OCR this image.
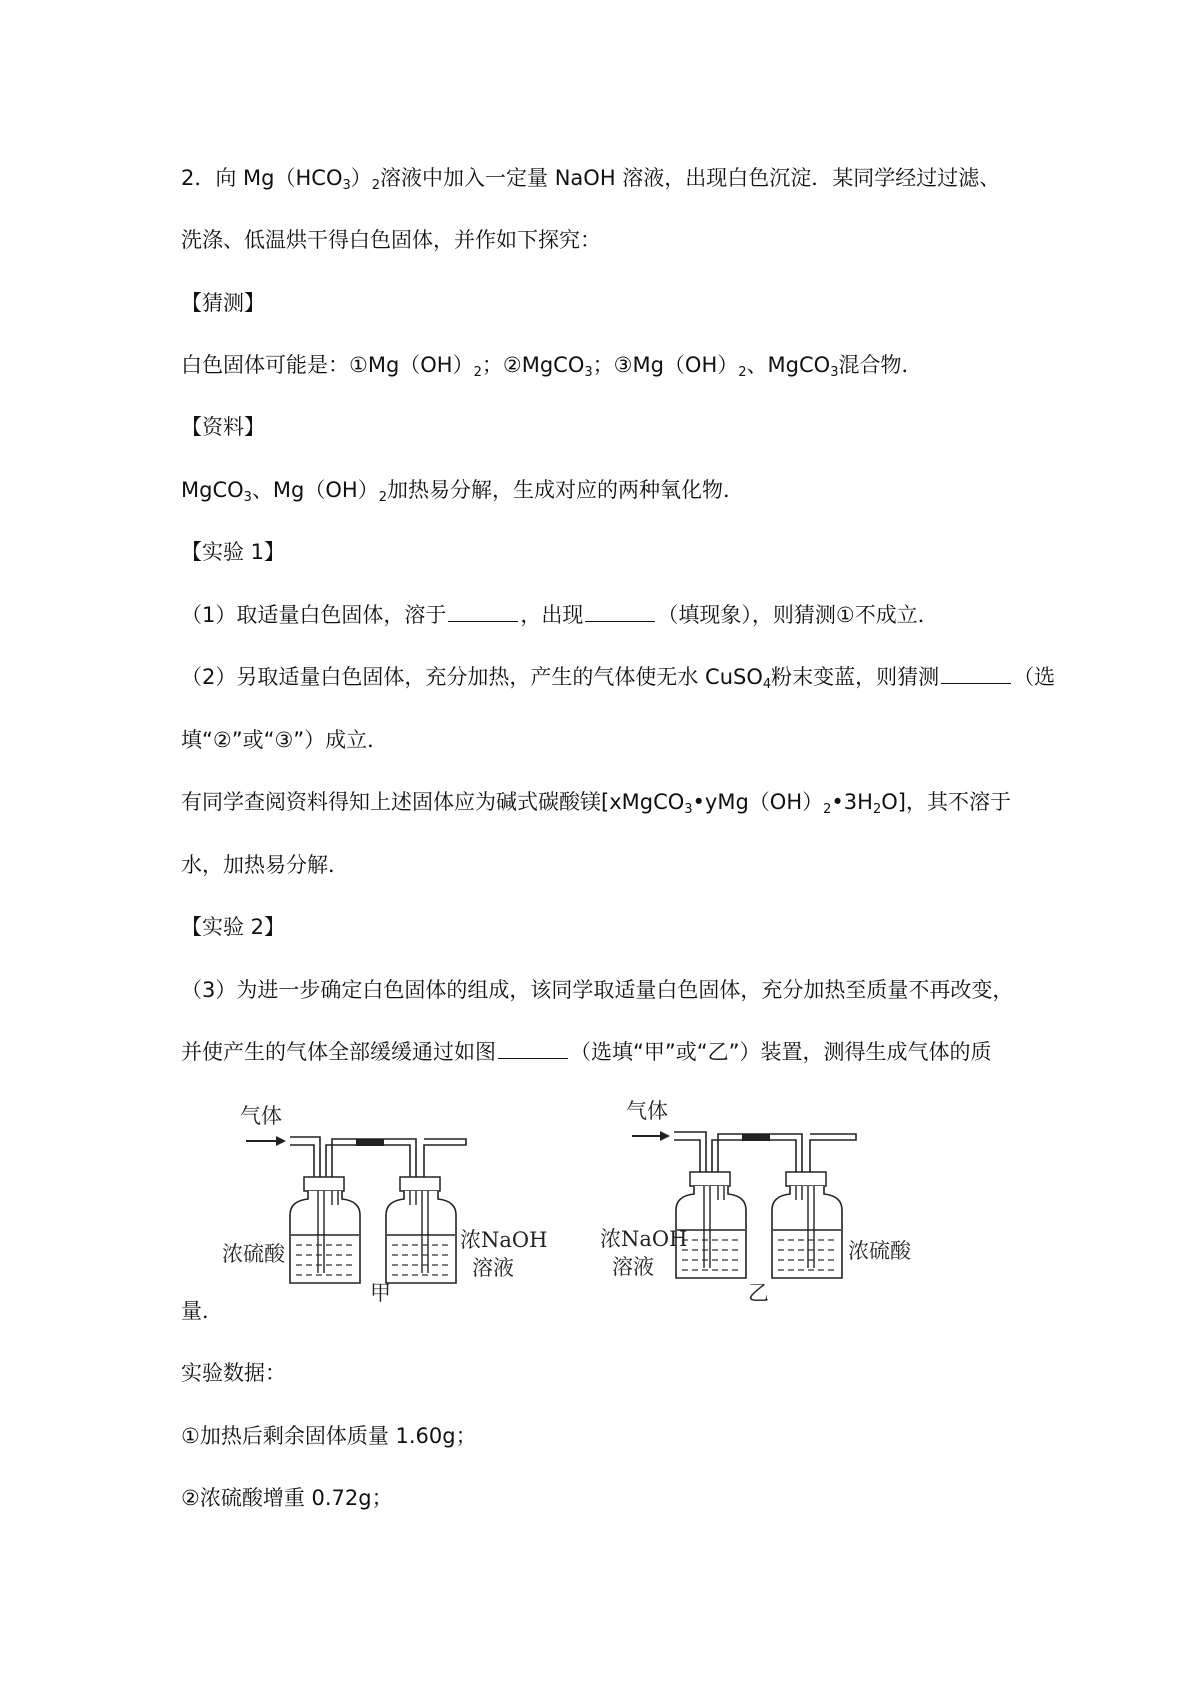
2．向 $Mg(HCO_3)_2$溶液中加入一定量 NaOH 溶液，出现白色沉淀．某同学经过过滤、
洗涤、低温烘干得白色固体，并作如下探究：
【猜测】
白色固体可能是：$①Mg(OH)_2$；②MgCO$_3$；$③Mg(OH)_2$、MgCO$_3$混合物．
【资料】
MgCO$_3$、$Mg(OH)_2$加热易分解，生成对应的两种氧化物．
【实验 1】
（1）取适量白色固体，溶于	，出现	（填现象），则猜测①不成立．
（2）另取适量白色固体，充分加热，产生的气体使无水 CuSO$_4$粉末变蓝，则猜测	（选
填“②”或“③”）成立．
有同学查阅资料得知上述固体应为碱式碳酸镁$[xMgCO_3•yMg(OH)_2•3H_2O]$，其不溶于
水，加热易分解．
【实验 2】
（3）为进一步确定白色固体的组成，该同学取适量白色固体，充分加热至质量不再改变，
并使产生的气体全部缓缓通过如图	（选填“甲”或“乙”）装置，测得生成气体的质
气体
浓硫酸
浓NaOH
溶液
甲
气体
浓NaOH
溶液
浓硫酸
乙
量．
实验数据：
①加热后剩余固体质量 1.60g；
②浓硫酸增重 0.72g；
